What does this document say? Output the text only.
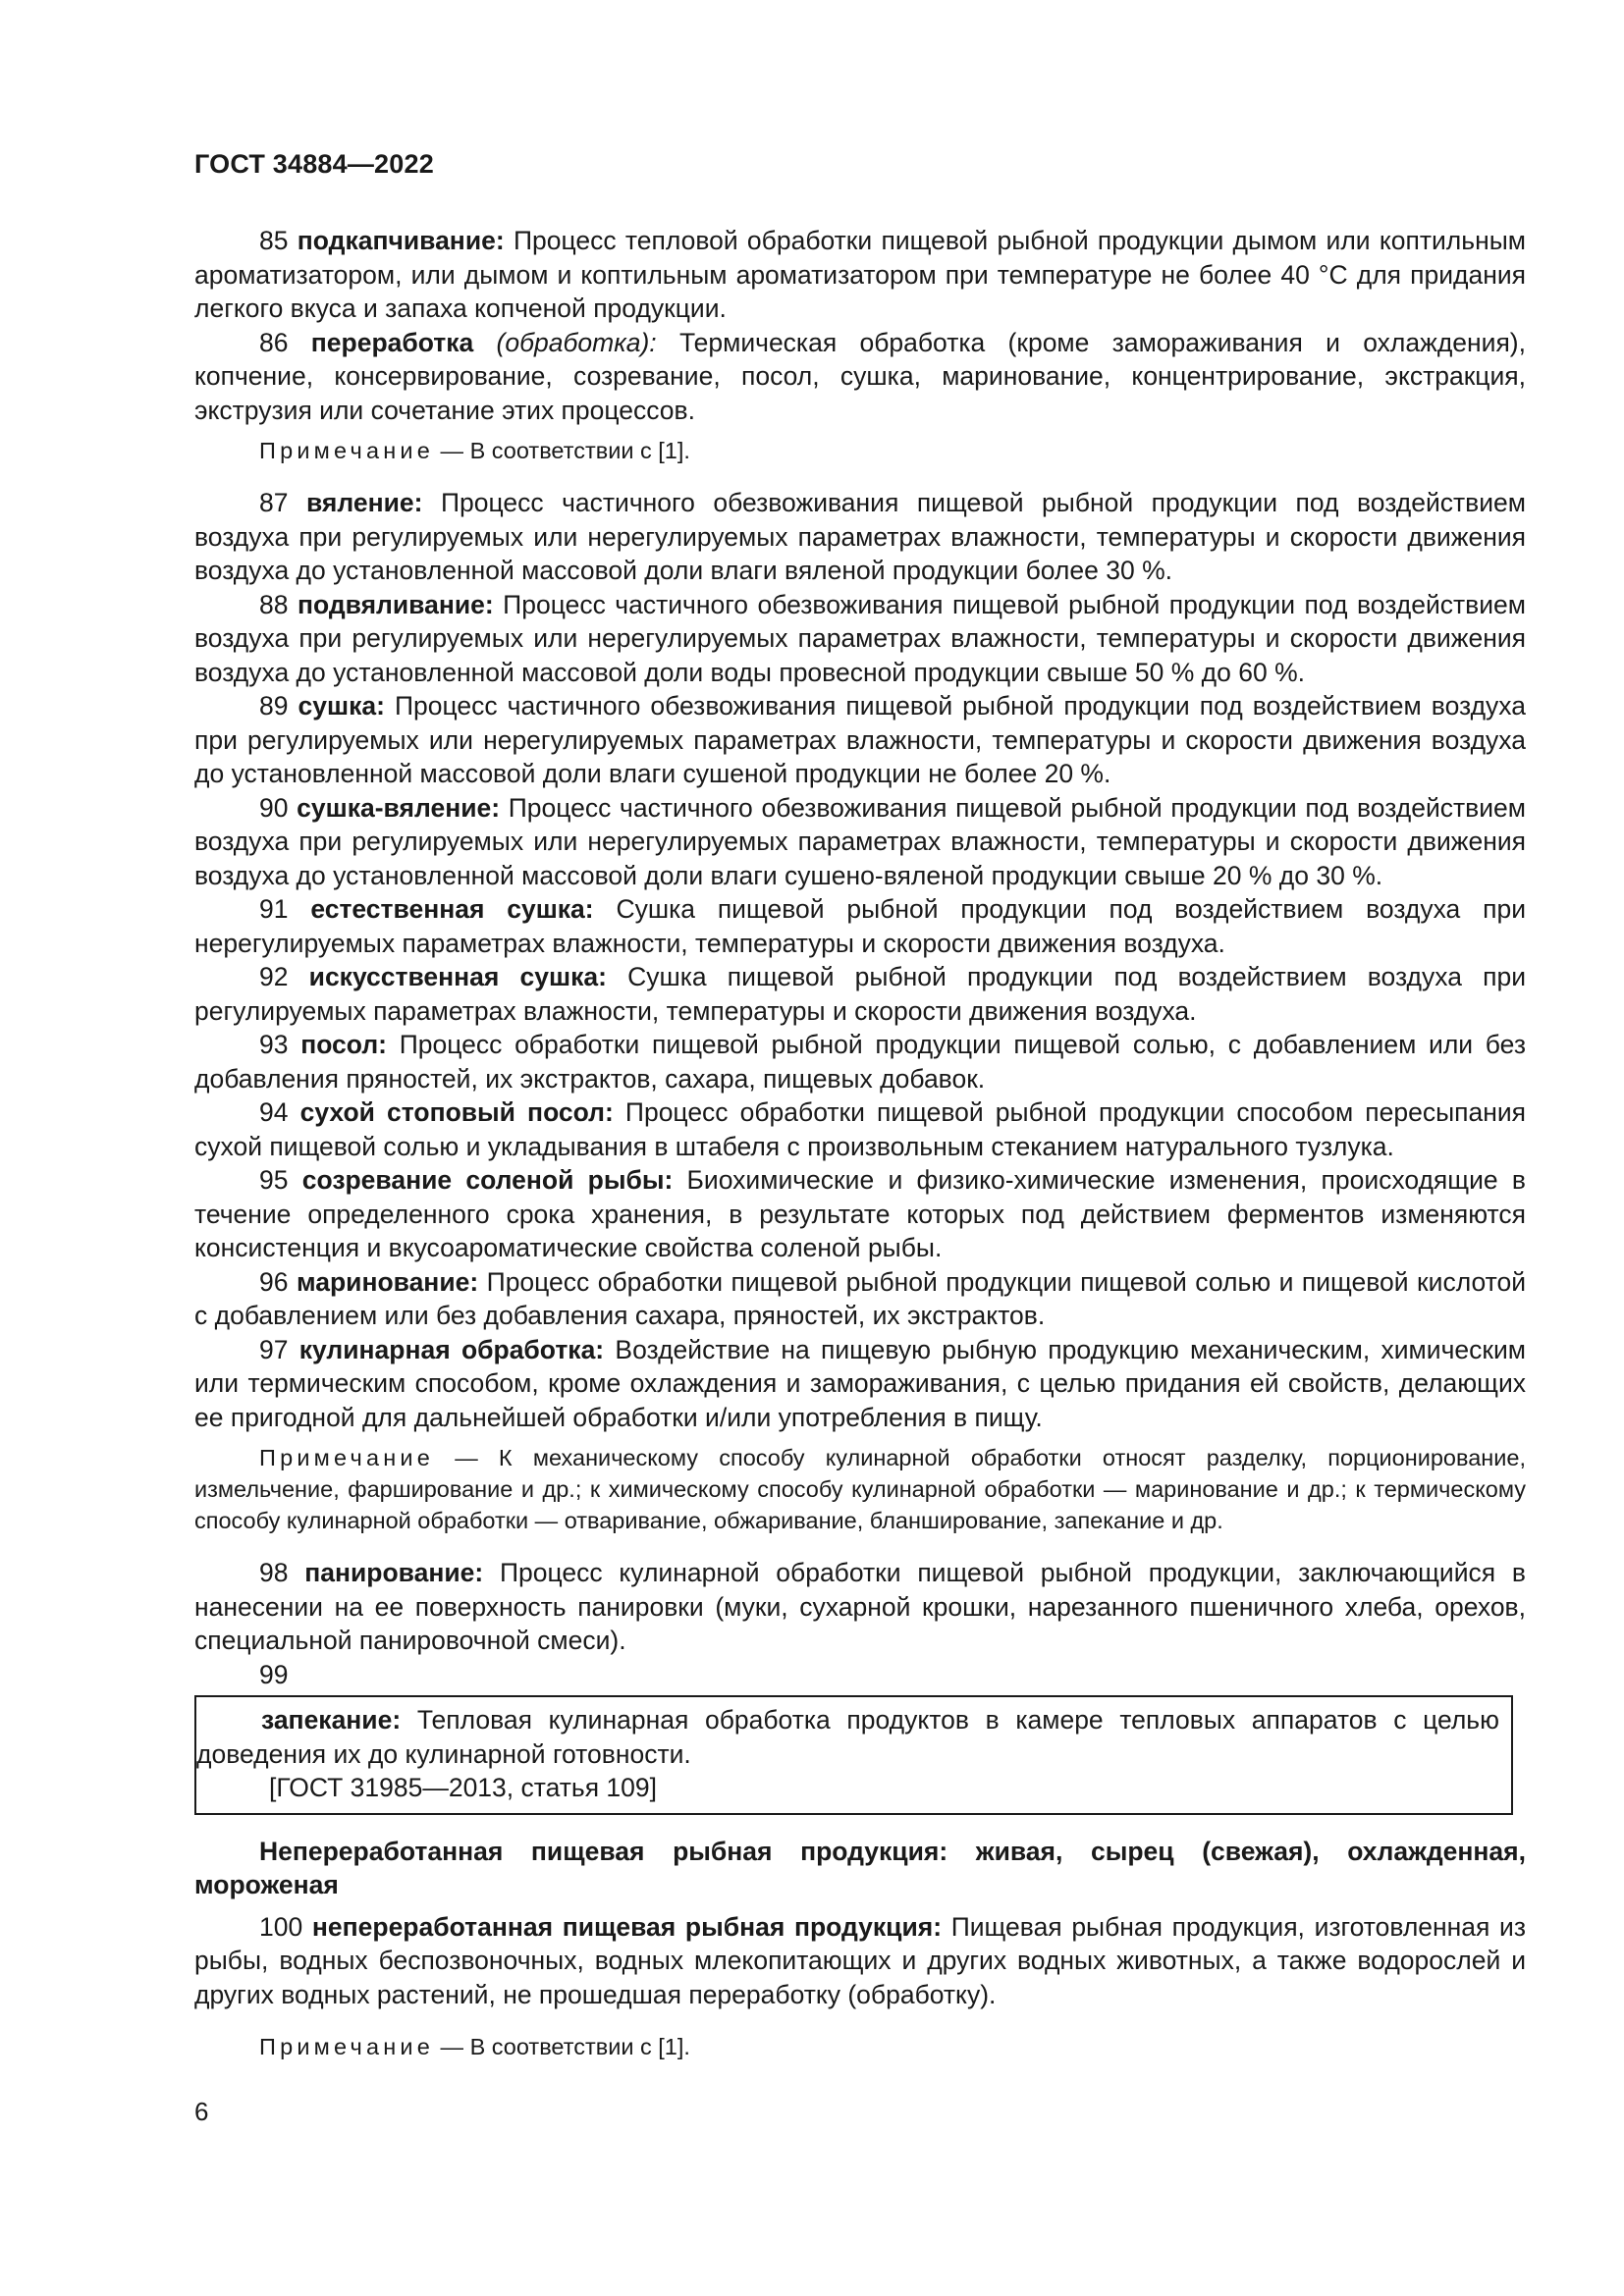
ГОСТ 34884—2022

85 подкапчивание: Процесс тепловой обработки пищевой рыбной продукции дымом или коптильным ароматизатором, или дымом и коптильным ароматизатором при температуре не более 40 °С для придания легкого вкуса и запаха копченой продукции.

86 переработка (обработка): Термическая обработка (кроме замораживания и охлаждения), копчение, консервирование, созревание, посол, сушка, маринование, концентрирование, экстракция, экструзия или сочетание этих процессов.

Примечание — В соответствии с [1].

87 вяление: Процесс частичного обезвоживания пищевой рыбной продукции под воздействием воздуха при регулируемых или нерегулируемых параметрах влажности, температуры и скорости движения воздуха до установленной массовой доли влаги вяленой продукции более 30 %.

88 подвяливание: Процесс частичного обезвоживания пищевой рыбной продукции под воздействием воздуха при регулируемых или нерегулируемых параметрах влажности, температуры и скорости движения воздуха до установленной массовой доли воды провесной продукции свыше 50 % до 60 %.

89 сушка: Процесс частичного обезвоживания пищевой рыбной продукции под воздействием воздуха при регулируемых или нерегулируемых параметрах влажности, температуры и скорости движения воздуха до установленной массовой доли влаги сушеной продукции не более 20 %.

90 сушка-вяление: Процесс частичного обезвоживания пищевой рыбной продукции под воздействием воздуха при регулируемых или нерегулируемых параметрах влажности, температуры и скорости движения воздуха до установленной массовой доли влаги сушено-вяленой продукции свыше 20 % до 30 %.

91 естественная сушка: Сушка пищевой рыбной продукции под воздействием воздуха при нерегулируемых параметрах влажности, температуры и скорости движения воздуха.

92 искусственная сушка: Сушка пищевой рыбной продукции под воздействием воздуха при регулируемых параметрах влажности, температуры и скорости движения воздуха.

93 посол: Процесс обработки пищевой рыбной продукции пищевой солью, с добавлением или без добавления пряностей, их экстрактов, сахара, пищевых добавок.

94 сухой стоповый посол: Процесс обработки пищевой рыбной продукции способом пересыпания сухой пищевой солью и укладывания в штабеля с произвольным стеканием натурального тузлука.

95 созревание соленой рыбы: Биохимические и физико-химические изменения, происходящие в течение определенного срока хранения, в результате которых под действием ферментов изменяются консистенция и вкусоароматические свойства соленой рыбы.

96 маринование: Процесс обработки пищевой рыбной продукции пищевой солью и пищевой кислотой с добавлением или без добавления сахара, пряностей, их экстрактов.

97 кулинарная обработка: Воздействие на пищевую рыбную продукцию механическим, химическим или термическим способом, кроме охлаждения и замораживания, с целью придания ей свойств, делающих ее пригодной для дальнейшей обработки и/или употребления в пищу.

Примечание — К механическому способу кулинарной обработки относят разделку, порционирование, измельчение, фарширование и др.; к химическому способу кулинарной обработки — маринование и др.; к термическому способу кулинарной обработки — отваривание, обжаривание, бланширование, запекание и др.

98 панирование: Процесс кулинарной обработки пищевой рыбной продукции, заключающийся в нанесении на ее поверхность панировки (муки, сухарной крошки, нарезанного пшеничного хлеба, орехов, специальной панировочной смеси).

99

запекание: Тепловая кулинарная обработка продуктов в камере тепловых аппаратов с целью доведения их до кулинарной готовности.

[ГОСТ 31985—2013, статья 109]

Непереработанная пищевая рыбная продукция: живая, сырец (свежая), охлажденная, мороженая

100 непереработанная пищевая рыбная продукция: Пищевая рыбная продукция, изготовленная из рыбы, водных беспозвоночных, водных млекопитающих и других водных животных, а также водорослей и других водных растений, не прошедшая переработку (обработку).

Примечание — В соответствии с [1].

6
